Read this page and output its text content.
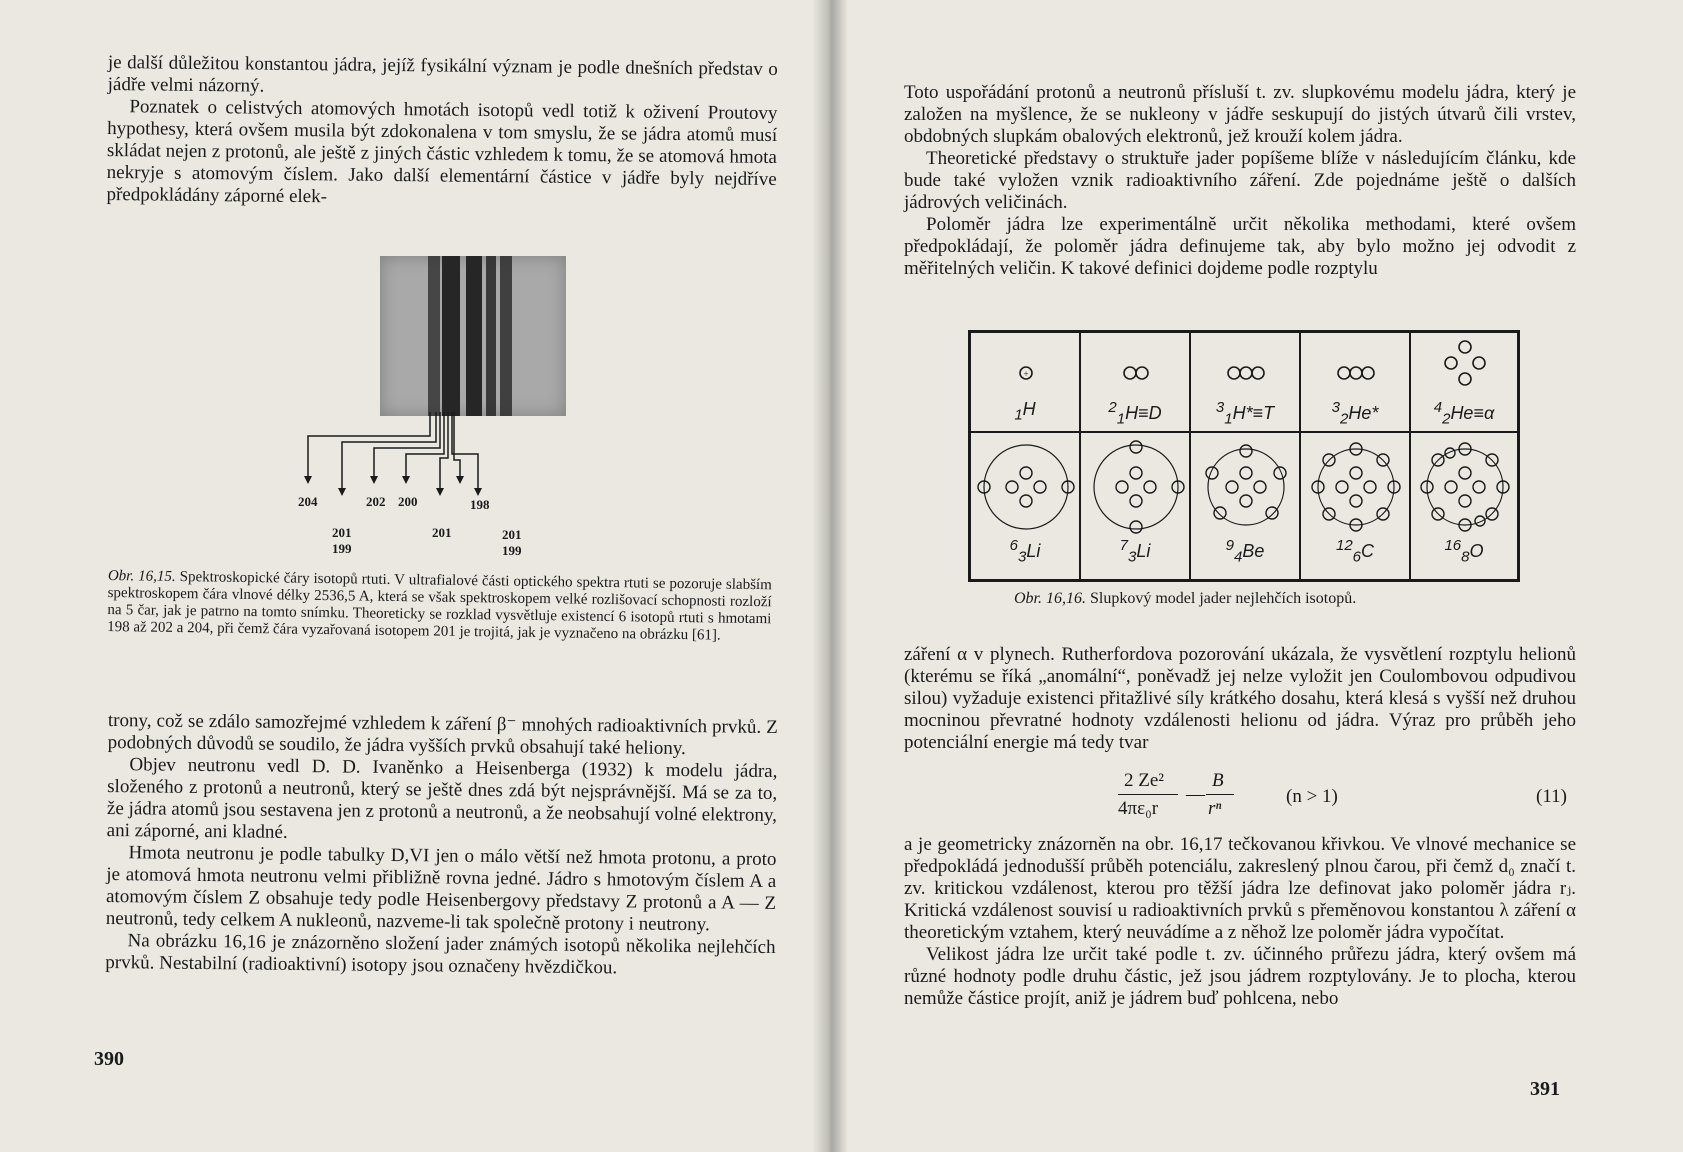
je další důležitou konstantou jádra, jejíž fysikální význam je podle dnešních představ o jádře velmi názorný.

Poznatek o celistvých atomových hmotách isotopů vedl totiž k oživení Proutovy hypothesy, která ovšem musila být zdokonalena v tom smyslu, že se jádra atomů musí skládat nejen z protonů, ale ještě z jiných částic vzhledem k tomu, že se atomová hmota nekryje s atomovým číslem. Jako další elementární částice v jádře byly nejdříve předpokládány záporné elek-

204
201
199
202 200
201
198
201
199
Obr. 16,15. Spektroskopické čáry isotopů rtuti. V ultrafialové části optického spektra rtuti se pozoruje slabším spektroskopem čára vlnové délky 2536,5 A, která se však spektroskopem velké rozlišovací schopnosti rozloží na 5 čar, jak je patrno na tomto snímku. Theoreticky se rozklad vysvětluje existencí 6 isotopů rtuti s hmotami 198 až 202 a 204, při čemž čára vyzařovaná isotopem 201 je trojitá, jak je vyznačeno na obrázku [61].

trony, což se zdálo samozřejmé vzhledem k záření β⁻ mnohých radioaktivních prvků. Z podobných důvodů se soudilo, že jádra vyšších prvků obsahují také heliony.

Objev neutronu vedl D. D. Ivaněnko a Heisenberga (1932) k modelu jádra, složeného z protonů a neutronů, který se ještě dnes zdá být nejsprávnější. Má se za to, že jádra atomů jsou sestavena jen z protonů a neutronů, a že neobsahují volné elektrony, ani záporné, ani kladné.

Hmota neutronu je podle tabulky D,VI jen o málo větší než hmota protonu, a proto je atomová hmota neutronu velmi přibližně rovna jedné. Jádro s hmotovým číslem A a atomovým číslem Z obsahuje tedy podle Heisenbergovy představy Z protonů a A — Z neutronů, tedy celkem A nukleonů, nazveme-li tak společně protony i neutrony.

Na obrázku 16,16 je znázorněno složení jader známých isotopů několika nejlehčích prvků. Nestabilní (radioaktivní) isotopy jsou označeny hvězdičkou.

390

Toto uspořádání protonů a neutronů přísluší t. zv. slupkovému modelu jádra, který je založen na myšlence, že se nukleony v jádře seskupují do jistých útvarů čili vrstev, obdobných slupkám obalových elektronů, jež krouží kolem jádra.

Theoretické představy o struktuře jader popíšeme blíže v následujícím článku, kde bude také vyložen vznik radioaktivního záření. Zde pojednáme ještě o dalších jádrových veličinách.

Poloměr jádra lze experimentálně určit několika methodami, které ovšem předpokládají, že poloměr jádra definujeme tak, aby bylo možno jej odvodit z měřitelných veličin. K takové definici dojdeme podle rozptylu

+
$_1$H	$^2_1$H≡D	$^3_1$H*≡T	$^3_2$He*	$^4_2$He≡α
$^6_3$Li	$^7_3$Li	$^9_4$Be	$^{12}_6$C	$^{16}_8$O
Obr. 16,16. Slupkový model jader nejlehčích isotopů.

záření α v plynech. Rutherfordova pozorování ukázala, že vysvětlení rozptylu helionů (kterému se říká „anomální“, poněvadž jej nelze vyložit jen Coulombovou odpudivou silou) vyžaduje existenci přitažlivé síly krátkého dosahu, která klesá s vyšší než druhou mocninou převratné hodnoty vzdálenosti helionu od jádra. Výraz pro průběh jeho potenciální energie má tedy tvar

2 Ze²
4πε₀r
—
B
rⁿ
(n > 1)	(11)

a je geometricky znázorněn na obr. 16,17 tečkovanou křivkou. Ve vlnové mechanice se předpokládá jednodušší průběh potenciálu, zakreslený plnou čarou, při čemž d₀ značí t. zv. kritickou vzdálenost, kterou pro těžší jádra lze definovat jako poloměr jádra rⱼ. Kritická vzdálenost souvisí u radioaktivních prvků s přeměnovou konstantou λ záření α theoretickým vztahem, který neuvádíme a z něhož lze poloměr jádra vypočítat.

Velikost jádra lze určit také podle t. zv. účinného průřezu jádra, který ovšem má různé hodnoty podle druhu částic, jež jsou jádrem rozptylovány. Je to plocha, kterou nemůže částice projít, aniž je jádrem buď pohlcena, nebo

391
